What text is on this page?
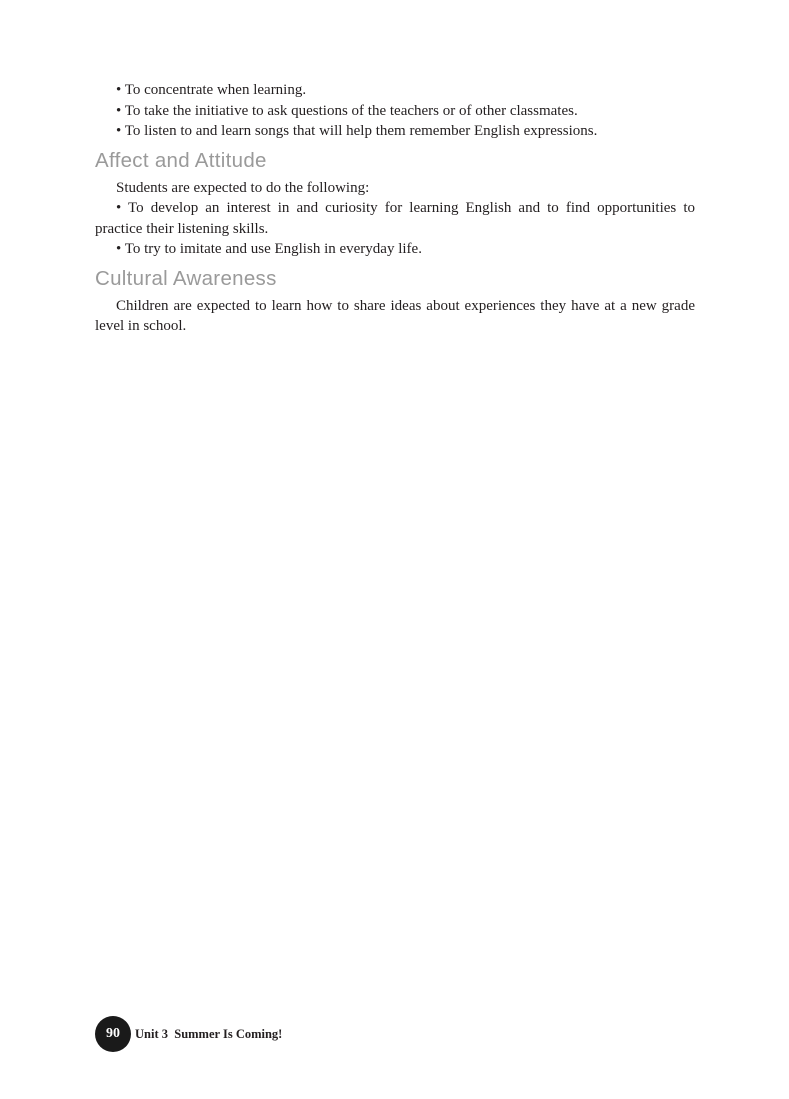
• To concentrate when learning.

• To take the initiative to ask questions of the teachers or of other classmates.

• To listen to and learn songs that will help them remember English expressions.

Affect and Attitude

Students are expected to do the following:

• To develop an interest in and curiosity for learning English and to find opportunities to practice their listening skills.

• To try to imitate and use English in everyday life.

Cultural Awareness

Children are expected to learn how to share ideas about experiences they have at a new grade level in school.

90	Unit 3  Summer Is Coming!
